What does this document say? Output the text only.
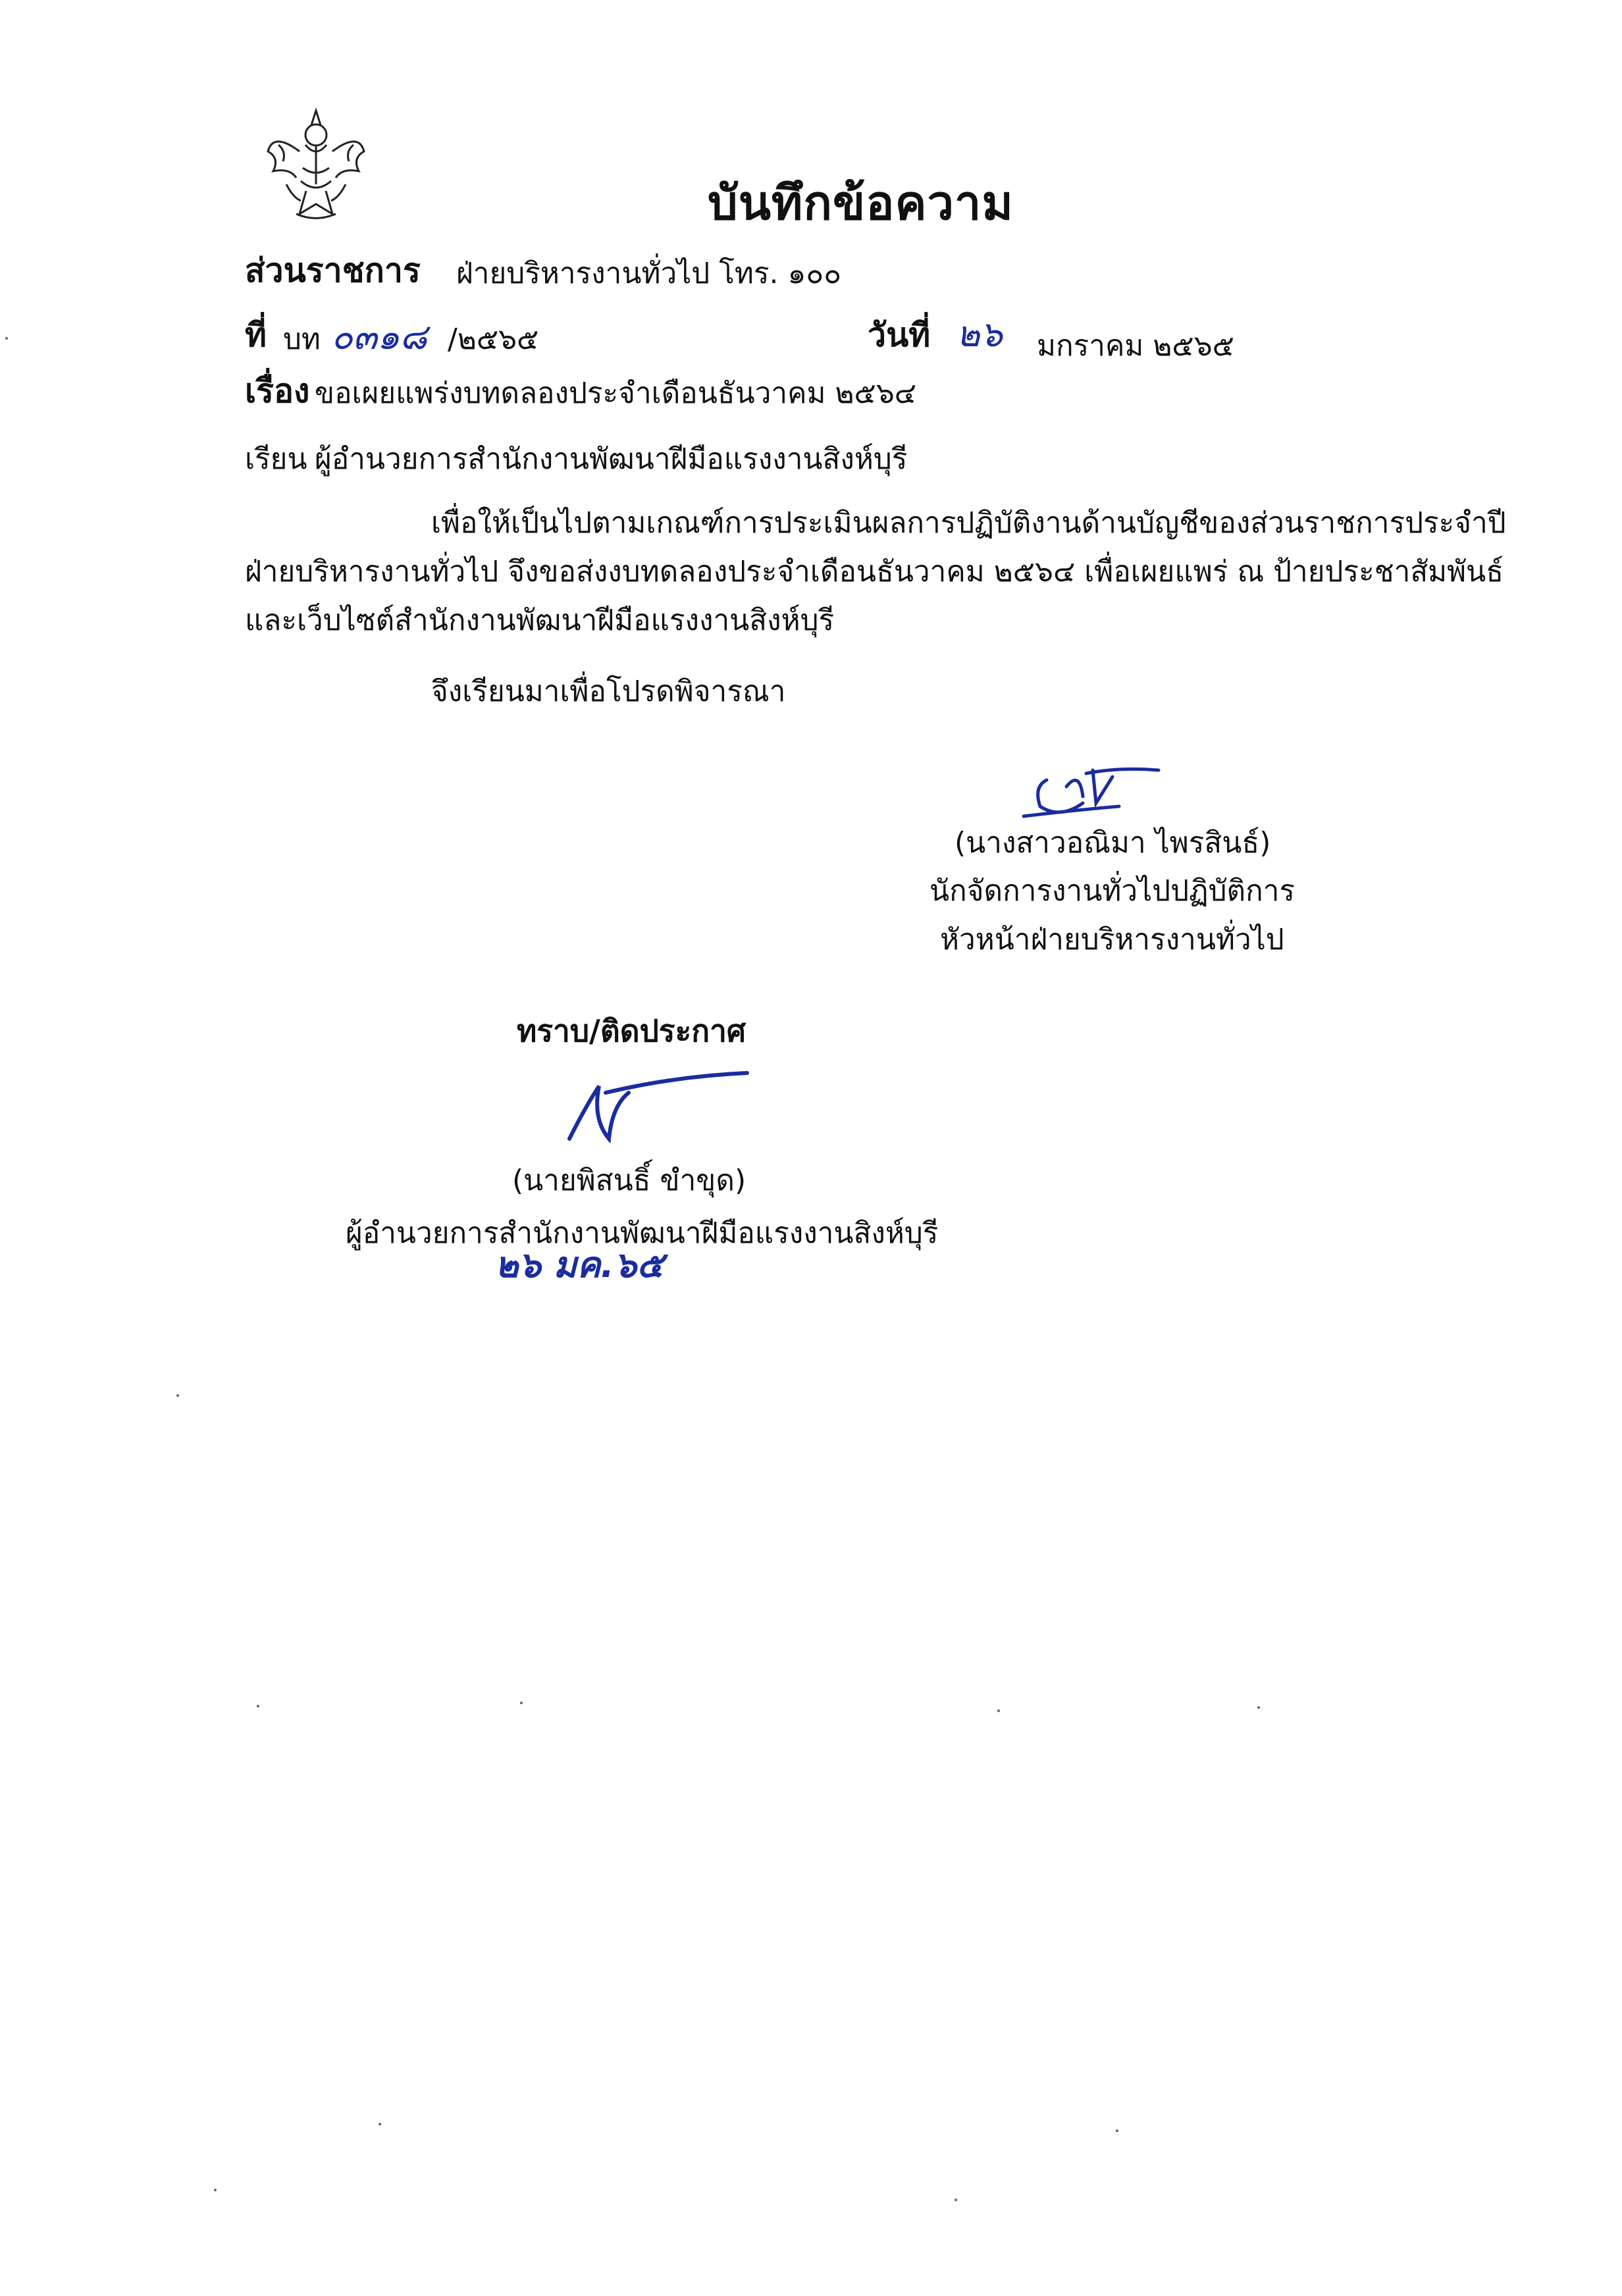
บันทึกข้อความ
ส่วนราชการ ฝ่ายบริหารงานทั่วไป โทร. ๑๐๐
ที่ บท ๐๓๑๘ /๒๕๖๕	วันที่ ๒๖ มกราคม ๒๕๖๕
เรื่อง ขอเผยแพร่งบทดลองประจำเดือนธันวาคม ๒๕๖๔
เรียน ผู้อำนวยการสำนักงานพัฒนาฝีมือแรงงานสิงห์บุรี
เพื่อให้เป็นไปตามเกณฑ์การประเมินผลการปฏิบัติงานด้านบัญชีของส่วนราชการประจำปี
ฝ่ายบริหารงานทั่วไป จึงขอส่งงบทดลองประจำเดือนธันวาคม ๒๕๖๔ เพื่อเผยแพร่ ณ ป้ายประชาสัมพันธ์
และเว็บไซต์สำนักงานพัฒนาฝีมือแรงงานสิงห์บุรี
จึงเรียนมาเพื่อโปรดพิจารณา
(นางสาวอณิมา ไพรสินธ์)
นักจัดการงานทั่วไปปฏิบัติการ
หัวหน้าฝ่ายบริหารงานทั่วไป
ทราบ/ติดประกาศ
(นายพิสนธิ์ ขำขุด)
ผู้อำนวยการสำนักงานพัฒนาฝีมือแรงงานสิงห์บุรี
๒๖ มค.๖๕
